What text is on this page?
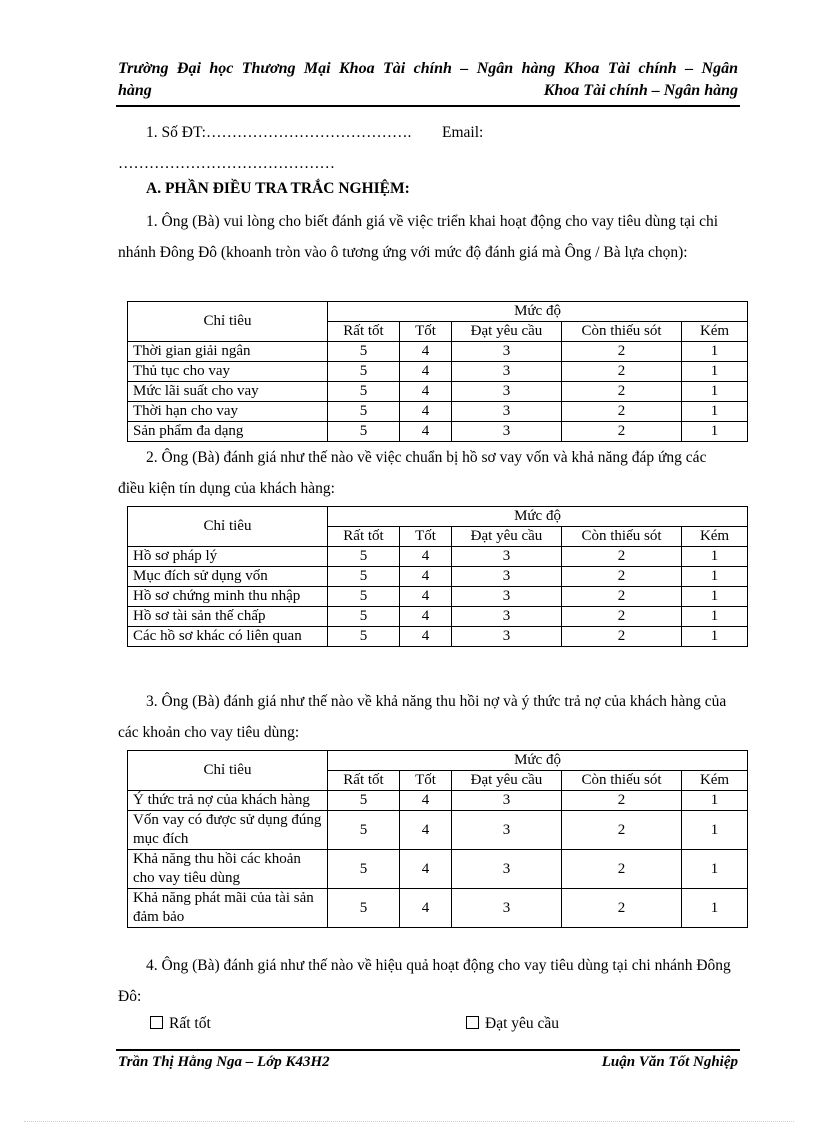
Trường Đại học Thương Mại Khoa Tài chính – Ngân hàng Khoa Tài chính – Ngân
hàng	Khoa Tài chính – Ngân hàng
1. Số ĐT:…………………………………. Email:
……………………………………
A. PHẦN ĐIỀU TRA TRẮC NGHIỆM:
1. Ông (Bà) vui lòng cho biết đánh giá về việc triển khai hoạt động cho vay tiêu dùng tại chi nhánh Đông Đô (khoanh tròn vào ô tương ứng với mức độ đánh giá mà Ông / Bà lựa chọn):
Chỉ tiêu	Mức độ				
	Rất tốt	Tốt	Đạt yêu cầu	Còn thiếu sót	Kém
Thời gian giải ngân	5	4	3	2	1
Thủ tục cho vay	5	4	3	2	1
Mức lãi suất cho vay	5	4	3	2	1
Thời hạn cho vay	5	4	3	2	1
Sản phẩm đa dạng	5	4	3	2	1
2. Ông (Bà) đánh giá như thế nào về việc chuẩn bị hồ sơ vay vốn và khả năng đáp ứng các điều kiện tín dụng của khách hàng:
Chỉ tiêu	Mức độ				
	Rất tốt	Tốt	Đạt yêu cầu	Còn thiếu sót	Kém
Hồ sơ pháp lý	5	4	3	2	1
Mục đích sử dụng vốn	5	4	3	2	1
Hồ sơ chứng minh thu nhập	5	4	3	2	1
Hồ sơ tài sản thế chấp	5	4	3	2	1
Các hồ sơ khác có liên quan	5	4	3	2	1
3. Ông (Bà) đánh giá như thế nào về khả năng thu hồi nợ và ý thức trả nợ của khách hàng của các khoản cho vay tiêu dùng:
Chỉ tiêu	Mức độ				
	Rất tốt	Tốt	Đạt yêu cầu	Còn thiếu sót	Kém
Ý thức trả nợ của khách hàng	5	4	3	2	1
Vốn vay có được sử dụng đúng mục đích	5	4	3	2	1
Khả năng thu hồi các khoản cho vay tiêu dùng	5	4	3	2	1
Khả năng phát mãi của tài sản đảm bảo	5	4	3	2	1
4. Ông (Bà) đánh giá như thế nào về hiệu quả hoạt động cho vay tiêu dùng tại chi nhánh Đông Đô:
Rất tốt	Đạt yêu cầu
Trần Thị Hằng Nga – Lớp K43H2	Luận Văn Tốt Nghiệp
